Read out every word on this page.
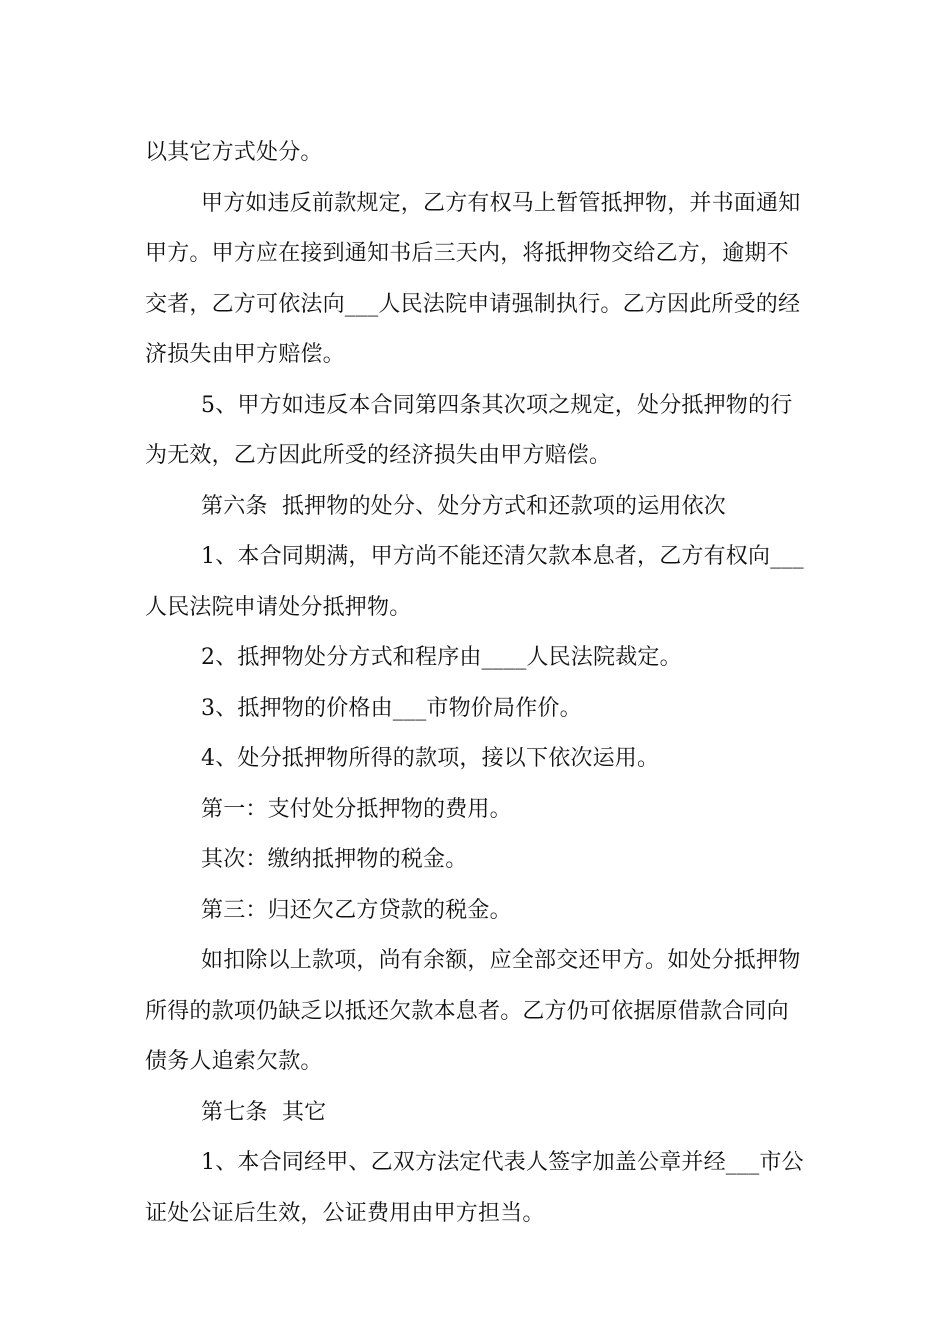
以其它方式处分。

甲方如违反前款规定，乙方有权马上暂管抵押物，并书面通知甲方。甲方应在接到通知书后三天内，将抵押物交给乙方，逾期不交者，乙方可依法向___人民法院申请强制执行。乙方因此所受的经济损失由甲方赔偿。

5、甲方如违反本合同第四条其次项之规定，处分抵押物的行为无效，乙方因此所受的经济损失由甲方赔偿。

第六条  抵押物的处分、处分方式和还款项的运用依次

1、本合同期满，甲方尚不能还清欠款本息者，乙方有权向___人民法院申请处分抵押物。

2、抵押物处分方式和程序由____人民法院裁定。

3、抵押物的价格由___市物价局作价。

4、处分抵押物所得的款项，接以下依次运用。

第一：支付处分抵押物的费用。

其次：缴纳抵押物的税金。

第三：归还欠乙方贷款的税金。

如扣除以上款项，尚有余额，应全部交还甲方。如处分抵押物所得的款项仍缺乏以抵还欠款本息者。乙方仍可依据原借款合同向债务人追索欠款。

第七条  其它

1、本合同经甲、乙双方法定代表人签字加盖公章并经___市公证处公证后生效，公证费用由甲方担当。
